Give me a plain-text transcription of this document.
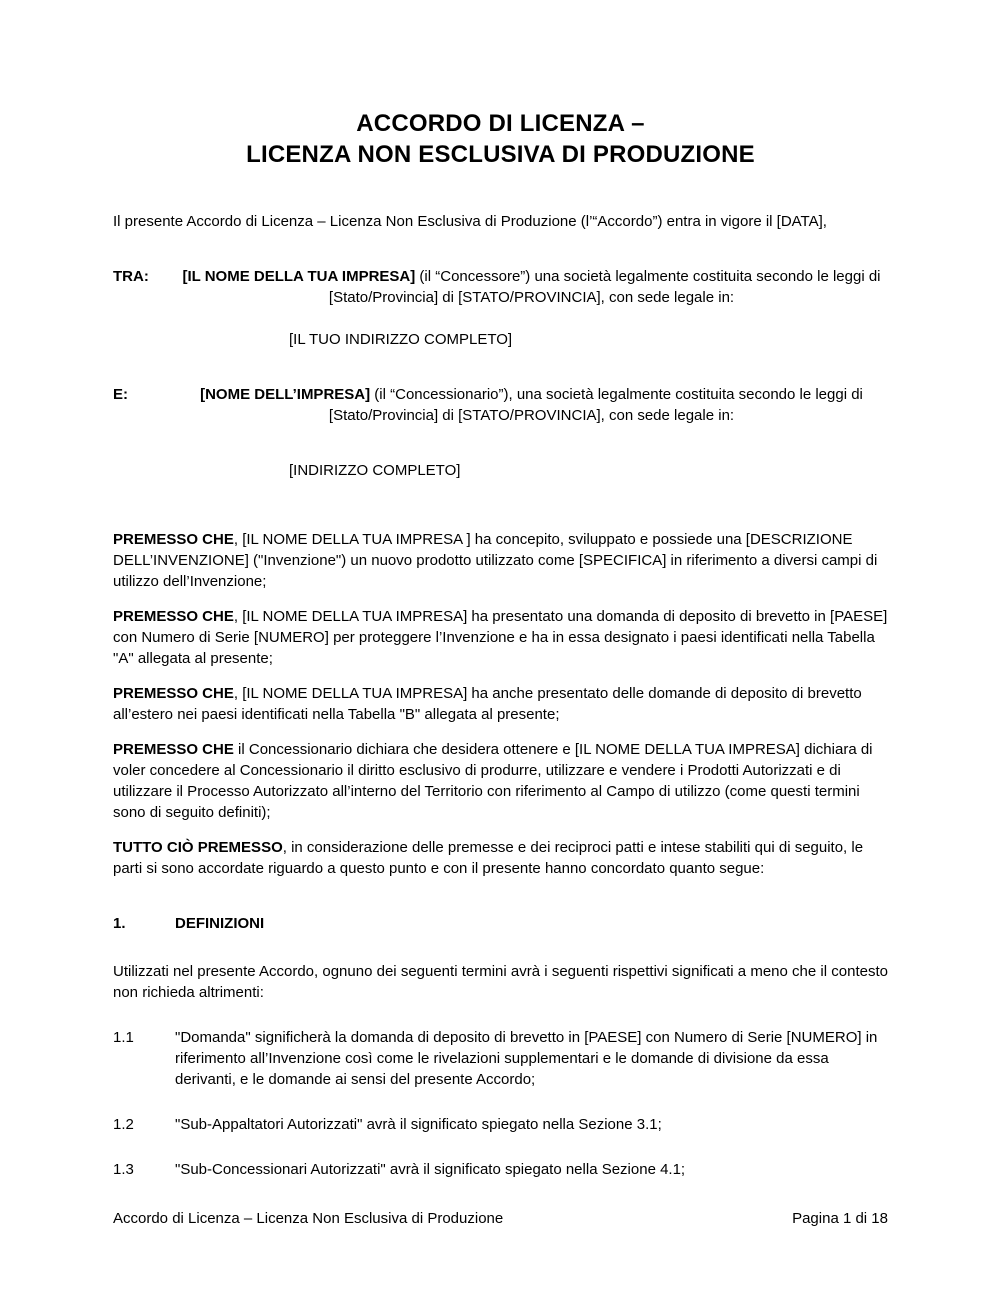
ACCORDO DI LICENZA –
LICENZA NON ESCLUSIVA DI PRODUZIONE

Il presente Accordo di Licenza – Licenza Non Esclusiva di Produzione (l’“Accordo”) entra in vigore il [DATA],

TRA:	[IL NOME DELLA TUA IMPRESA] (il “Concessore”) una società legalmente costituita secondo le leggi di [Stato/Provincia] di [STATO/PROVINCIA], con sede legale in:
[IL TUO INDIRIZZO COMPLETO]
E:	[NOME DELL’IMPRESA] (il “Concessionario”), una società legalmente costituita secondo le leggi di [Stato/Provincia] di [STATO/PROVINCIA], con sede legale in:
[INDIRIZZO COMPLETO]

PREMESSO CHE, [IL NOME DELLA TUA IMPRESA ] ha concepito, sviluppato e possiede una [DESCRIZIONE DELL’INVENZIONE] ("Invenzione") un nuovo prodotto utilizzato come [SPECIFICA] in riferimento a diversi campi di utilizzo dell’Invenzione;

PREMESSO CHE, [IL NOME DELLA TUA IMPRESA] ha presentato una domanda di deposito di brevetto in [PAESE] con Numero di Serie [NUMERO] per proteggere l’Invenzione e ha in essa designato i paesi identificati nella Tabella "A" allegata al presente;

PREMESSO CHE, [IL NOME DELLA TUA IMPRESA] ha anche presentato delle domande di deposito di brevetto all’estero nei paesi identificati nella Tabella "B" allegata al presente;

PREMESSO CHE il Concessionario dichiara che desidera ottenere e [IL NOME DELLA TUA IMPRESA] dichiara di voler concedere al Concessionario il diritto esclusivo di produrre, utilizzare e vendere i Prodotti Autorizzati e di utilizzare il Processo Autorizzato all’interno del Territorio con riferimento al Campo di utilizzo (come questi termini sono di seguito definiti);

TUTTO CIÒ PREMESSO, in considerazione delle premesse e dei reciproci patti e intese stabiliti qui di seguito, le parti si sono accordate riguardo a questo punto e con il presente hanno concordato quanto segue:

1.	DEFINIZIONI

Utilizzati nel presente Accordo, ognuno dei seguenti termini avrà i seguenti rispettivi significati a meno che il contesto non richieda altrimenti:

1.1	"Domanda" significherà la domanda di deposito di brevetto in [PAESE] con Numero di Serie [NUMERO] in riferimento all’Invenzione così come le rivelazioni supplementari e le domande di divisione da essa derivanti, e le domande ai sensi del presente Accordo;
1.2	"Sub-Appaltatori Autorizzati" avrà il significato spiegato nella Sezione 3.1;
1.3	"Sub-Concessionari Autorizzati" avrà il significato spiegato nella Sezione 4.1;
Accordo di Licenza – Licenza Non Esclusiva di Produzione	Pagina 1 di 18
